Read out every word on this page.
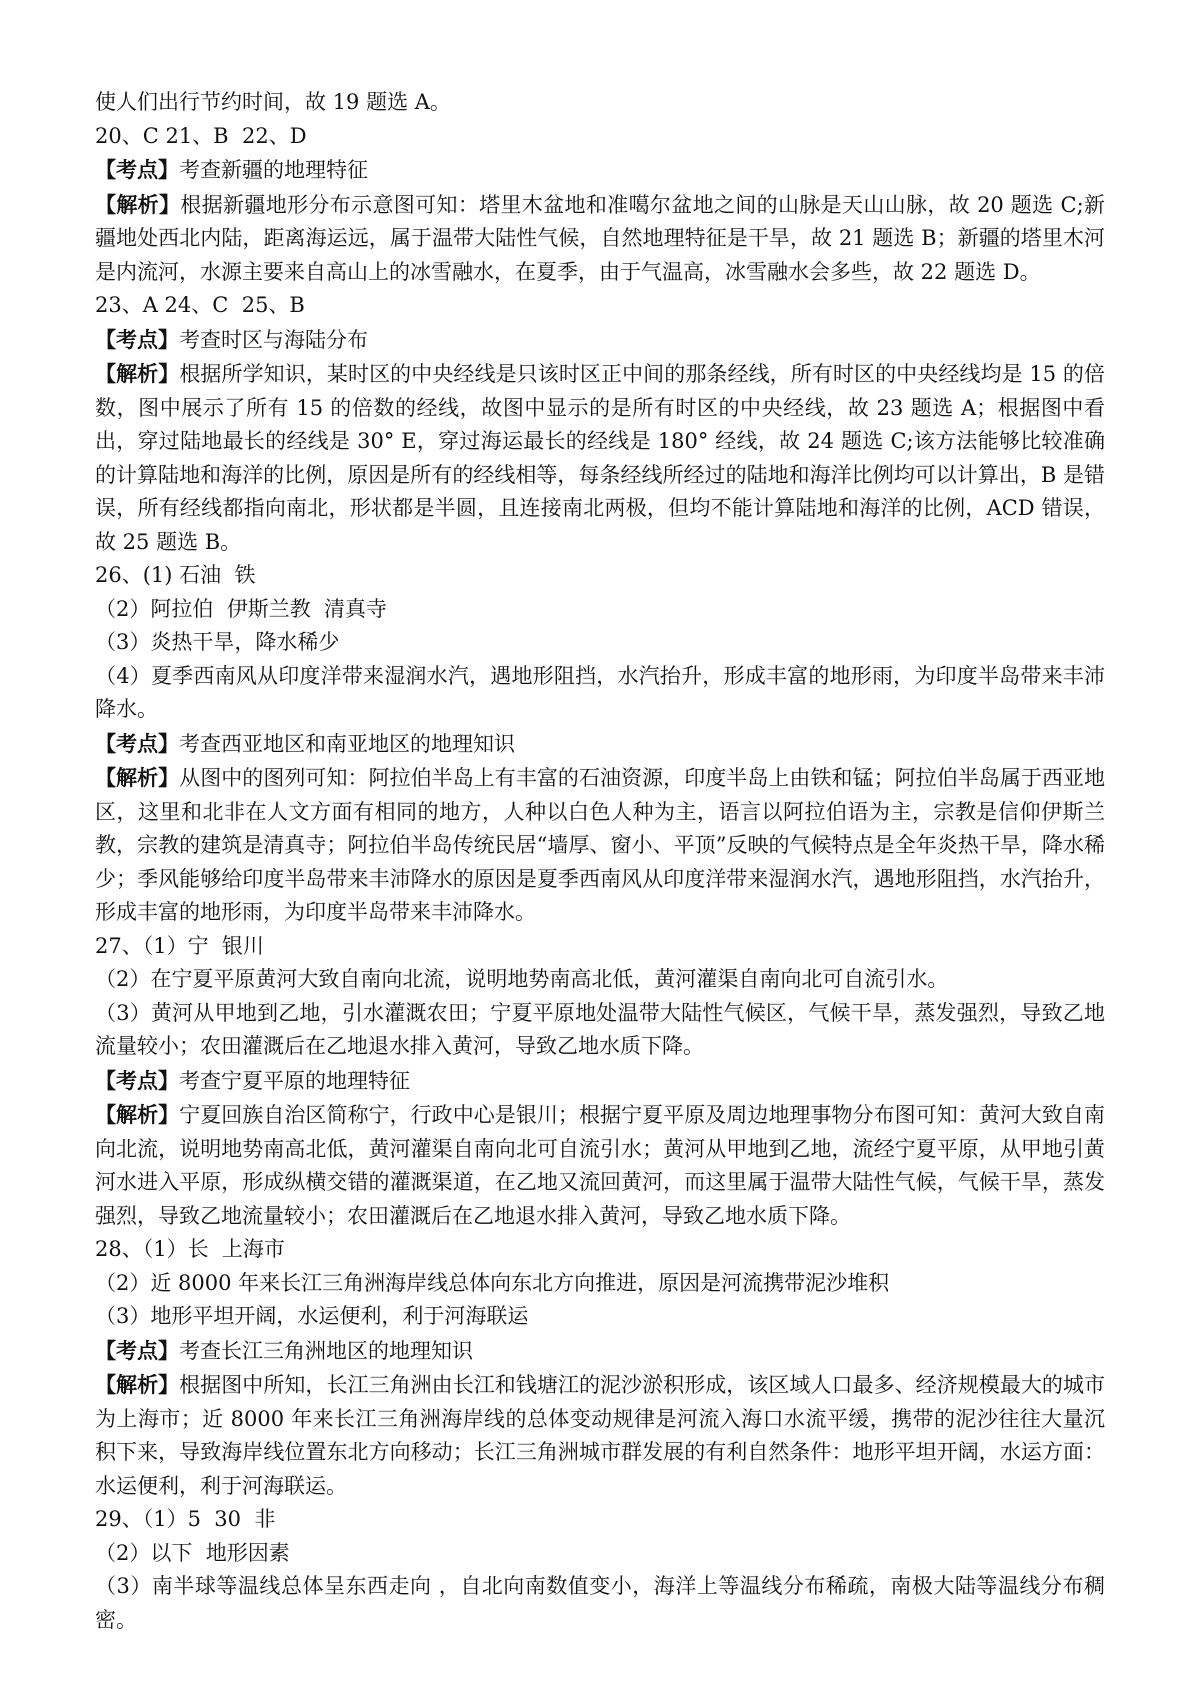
使人们出行节约时间，故 19 题选 A。
20、C 21、B  22、D
【考点】考查新疆的地理特征
【解析】根据新疆地形分布示意图可知：塔里木盆地和准噶尔盆地之间的山脉是天山山脉，故 20 题选 C;新疆地处西北内陆，距离海运远，属于温带大陆性气候，自然地理特征是干旱，故 21 题选 B；新疆的塔里木河是内流河，水源主要来自高山上的冰雪融水，在夏季，由于气温高，冰雪融水会多些，故 22 题选 D。
23、A 24、C  25、B
【考点】考查时区与海陆分布
【解析】根据所学知识，某时区的中央经线是只该时区正中间的那条经线，所有时区的中央经线均是 15 的倍数，图中展示了所有 15 的倍数的经线，故图中显示的是所有时区的中央经线，故 23 题选 A；根据图中看出，穿过陆地最长的经线是 30° E，穿过海运最长的经线是 180° 经线，故 24 题选 C;该方法能够比较准确的计算陆地和海洋的比例，原因是所有的经线相等，每条经线所经过的陆地和海洋比例均可以计算出，B 是错误，所有经线都指向南北，形状都是半圆，且连接南北两极，但均不能计算陆地和海洋的比例，ACD 错误，故 25 题选 B。
26、(1) 石油  铁
（2）阿拉伯  伊斯兰教  清真寺
（3）炎热干旱，降水稀少
（4）夏季西南风从印度洋带来湿润水汽，遇地形阻挡，水汽抬升，形成丰富的地形雨，为印度半岛带来丰沛降水。
【考点】考查西亚地区和南亚地区的地理知识
【解析】从图中的图列可知：阿拉伯半岛上有丰富的石油资源，印度半岛上由铁和锰；阿拉伯半岛属于西亚地区，这里和北非在人文方面有相同的地方，人种以白色人种为主，语言以阿拉伯语为主，宗教是信仰伊斯兰教，宗教的建筑是清真寺；阿拉伯半岛传统民居“墙厚、窗小、平顶”反映的气候特点是全年炎热干旱，降水稀少；季风能够给印度半岛带来丰沛降水的原因是夏季西南风从印度洋带来湿润水汽，遇地形阻挡，水汽抬升，形成丰富的地形雨，为印度半岛带来丰沛降水。
27、（1）宁  银川
（2）在宁夏平原黄河大致自南向北流，说明地势南高北低，黄河灌渠自南向北可自流引水。
（3）黄河从甲地到乙地，引水灌溉农田；宁夏平原地处温带大陆性气候区，气候干旱，蒸发强烈，导致乙地流量较小；农田灌溉后在乙地退水排入黄河，导致乙地水质下降。
【考点】考查宁夏平原的地理特征
【解析】宁夏回族自治区简称宁，行政中心是银川；根据宁夏平原及周边地理事物分布图可知：黄河大致自南向北流，说明地势南高北低，黄河灌渠自南向北可自流引水；黄河从甲地到乙地，流经宁夏平原，从甲地引黄河水进入平原，形成纵横交错的灌溉渠道，在乙地又流回黄河，而这里属于温带大陆性气候，气候干旱，蒸发强烈，导致乙地流量较小；农田灌溉后在乙地退水排入黄河，导致乙地水质下降。
28、（1）长  上海市
（2）近 8000 年来长江三角洲海岸线总体向东北方向推进，原因是河流携带泥沙堆积
（3）地形平坦开阔，水运便利，利于河海联运
【考点】考查长江三角洲地区的地理知识
【解析】根据图中所知，长江三角洲由长江和钱塘江的泥沙淤积形成，该区域人口最多、经济规模最大的城市为上海市；近 8000 年来长江三角洲海岸线的总体变动规律是河流入海口水流平缓，携带的泥沙往往大量沉积下来，导致海岸线位置东北方向移动；长江三角洲城市群发展的有利自然条件：地形平坦开阔，水运方面：水运便利，利于河海联运。
29、（1）5  30  非
（2）以下  地形因素
（3）南半球等温线总体呈东西走向 ，自北向南数值变小，海洋上等温线分布稀疏，南极大陆等温线分布稠密。
